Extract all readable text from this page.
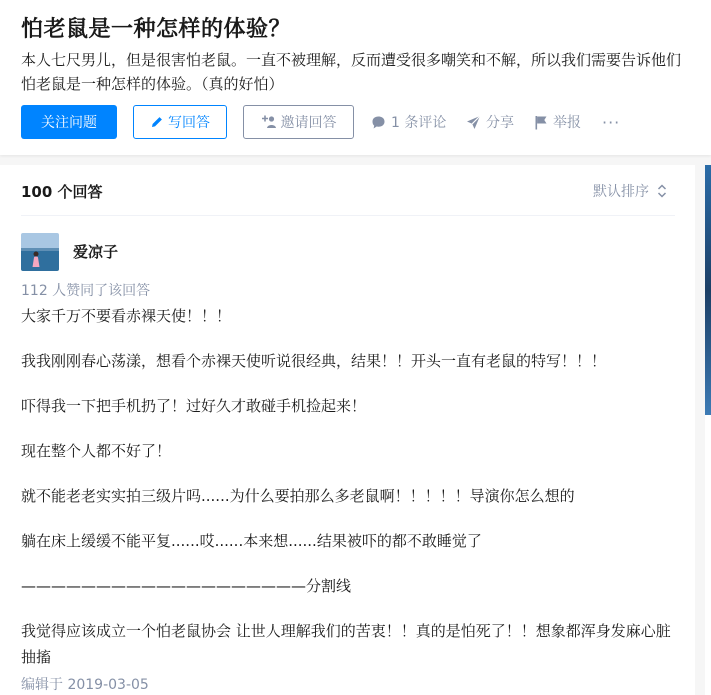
怕老鼠是一种怎样的体验？
本人七尺男儿，但是很害怕老鼠。一直不被理解，反而遭受很多嘲笑和不解，所以我们需要告诉他们怕老鼠是一种怎样的体验。（真的好怕）
关注问题	写回答	邀请回答	1 条评论	分享	举报 ···
100 个回答	默认排序
爱凉子
112 人赞同了该回答

大家千万不要看赤裸天使！！！

我我刚刚春心荡漾，想看个赤裸天使听说很经典，结果！！开头一直有老鼠的特写！！！

吓得我一下把手机扔了！过好久才敢碰手机捡起来！

现在整个人都不好了！

就不能老老实实拍三级片吗......为什么要拍那么多老鼠啊！！！！！导演你怎么想的

躺在床上缓缓不能平复......哎......本来想......结果被吓的都不敢睡觉了

———————————————————分割线

我觉得应该成立一个怕老鼠协会 让世人理解我们的苦衷！！真的是怕死了！！想象都浑身发麻心脏抽搐

编辑于 2019-03-05
